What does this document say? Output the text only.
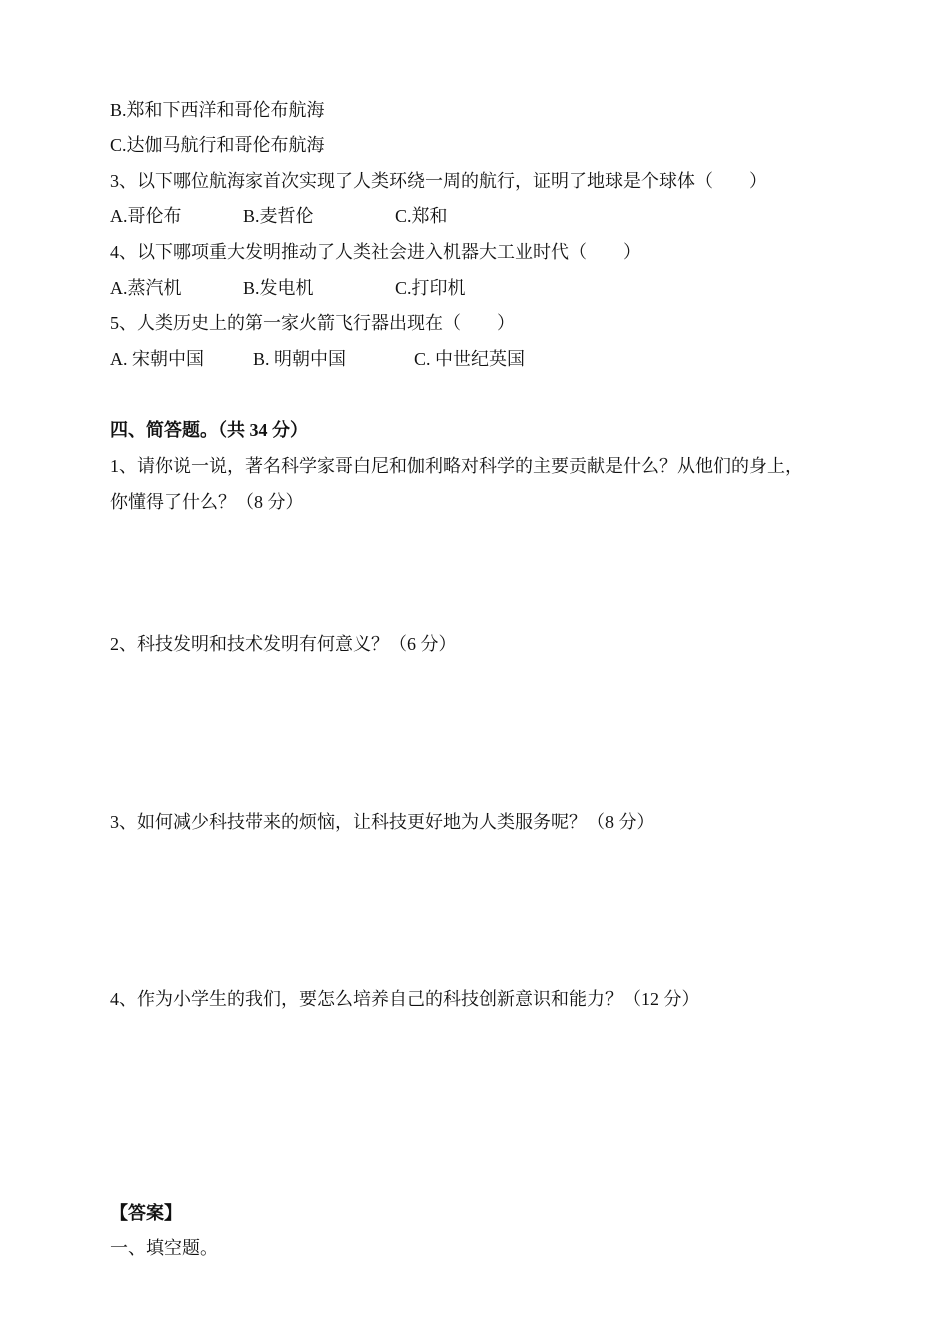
B.郑和下西洋和哥伦布航海
C.达伽马航行和哥伦布航海
3、以下哪位航海家首次实现了人类环绕一周的航行，证明了地球是个球体（　　）
A.哥伦布	B.麦哲伦	C.郑和
4、以下哪项重大发明推动了人类社会进入机器大工业时代（　　）
A.蒸汽机	B.发电机	C.打印机
5、人类历史上的第一家火箭飞行器出现在（　　）
A. 宋朝中国	B. 明朝中国	C. 中世纪英国
四、简答题。（共 34 分）
1、请你说一说，著名科学家哥白尼和伽利略对科学的主要贡献是什么？从他们的身上，
你懂得了什么？（8 分）
2、科技发明和技术发明有何意义？（6 分）
3、如何减少科技带来的烦恼，让科技更好地为人类服务呢？（8 分）
4、作为小学生的我们，要怎么培养自己的科技创新意识和能力？（12 分）
【答案】
一、填空题。
